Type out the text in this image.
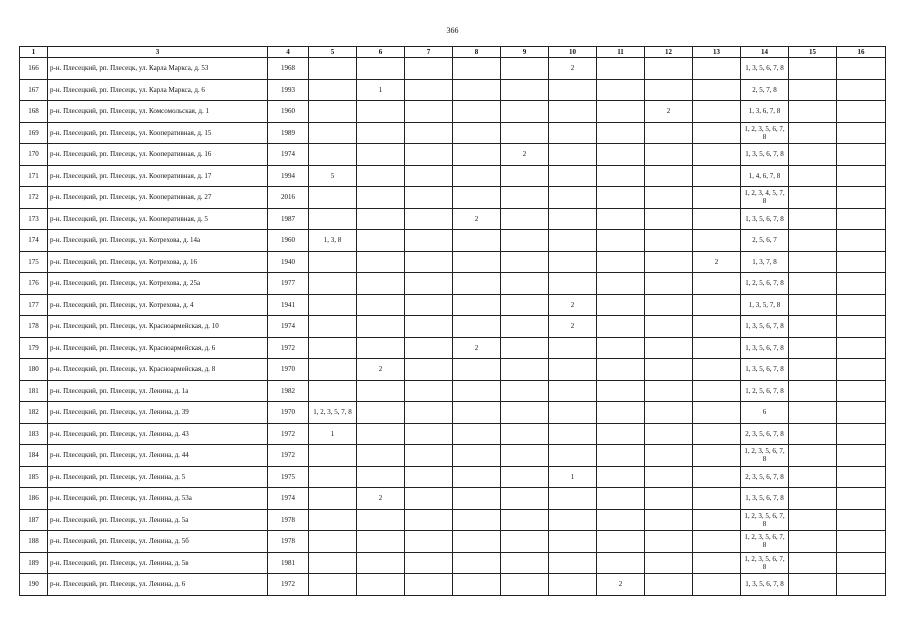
366
1	3	4	5	6	7	8	9	10	11	12	13	14	15	16
166	р-н. Плесецкий, рп. Плесецк, ул. Карла Маркса, д. 53	1968						2				1, 3, 5, 6, 7, 8		
167	р-н. Плесецкий, рп. Плесецк, ул. Карла Маркса, д. 6	1993		1								2, 5, 7, 8		
168	р-н. Плесецкий, рп. Плесецк, ул. Комсомольская, д. 1	1960								2		1, 3, 6, 7, 8		
169	р-н. Плесецкий, рп. Плесецк, ул. Кооперативная, д. 15	1989										1, 2, 3, 5, 6, 7, 8		
170	р-н. Плесецкий, рп. Плесецк, ул. Кооперативная, д. 16	1974					2					1, 3, 5, 6, 7, 8		
171	р-н. Плесецкий, рп. Плесецк, ул. Кооперативная, д. 17	1994	5									1, 4, 6, 7, 8		
172	р-н. Плесецкий, рп. Плесецк, ул. Кооперативная, д. 27	2016										1, 2, 3, 4, 5, 7, 8		
173	р-н. Плесецкий, рп. Плесецк, ул. Кооперативная, д. 5	1987				2						1, 3, 5, 6, 7, 8		
174	р-н. Плесецкий, рп. Плесецк, ул. Котрехова, д. 14а	1960	1, 3, 8									2, 5, 6, 7		
175	р-н. Плесецкий, рп. Плесецк, ул. Котрехова, д. 16	1940									2	1, 3, 7, 8		
176	р-н. Плесецкий, рп. Плесецк, ул. Котрехова, д. 25а	1977										1, 2, 5, 6, 7, 8		
177	р-н. Плесецкий, рп. Плесецк, ул. Котрехова, д. 4	1941						2				1, 3, 5, 7, 8		
178	р-н. Плесецкий, рп. Плесецк, ул. Красноармейская, д. 10	1974						2				1, 3, 5, 6, 7, 8		
179	р-н. Плесецкий, рп. Плесецк, ул. Красноармейская, д. 6	1972				2						1, 3, 5, 6, 7, 8		
180	р-н. Плесецкий, рп. Плесецк, ул. Красноармейская, д. 8	1970		2								1, 3, 5, 6, 7, 8		
181	р-н. Плесецкий, рп. Плесецк, ул. Ленина, д. 1а	1982										1, 2, 5, 6, 7, 8		
182	р-н. Плесецкий, рп. Плесецк, ул. Ленина, д. 39	1970	1, 2, 3, 5, 7, 8									6		
183	р-н. Плесецкий, рп. Плесецк, ул. Ленина, д. 43	1972	1									2, 3, 5, 6, 7, 8		
184	р-н. Плесецкий, рп. Плесецк, ул. Ленина, д. 44	1972										1, 2, 3, 5, 6, 7, 8		
185	р-н. Плесецкий, рп. Плесецк, ул. Ленина, д. 5	1975						1				2, 3, 5, 6, 7, 8		
186	р-н. Плесецкий, рп. Плесецк, ул. Ленина, д. 53а	1974		2								1, 3, 5, 6, 7, 8		
187	р-н. Плесецкий, рп. Плесецк, ул. Ленина, д. 5а	1978										1, 2, 3, 5, 6, 7, 8		
188	р-н. Плесецкий, рп. Плесецк, ул. Ленина, д. 5б	1978										1, 2, 3, 5, 6, 7, 8		
189	р-н. Плесецкий, рп. Плесецк, ул. Ленина, д. 5в	1981										1, 2, 3, 5, 6, 7, 8		
190	р-н. Плесецкий, рп. Плесецк, ул. Ленина, д. 6	1972							2			1, 3, 5, 6, 7, 8		
